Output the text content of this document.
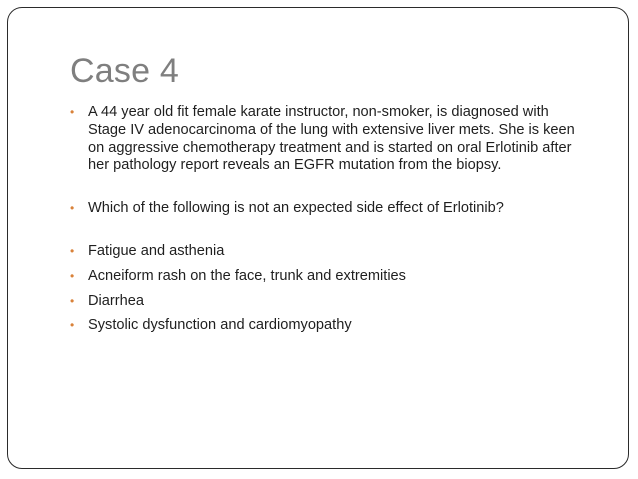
Case 4
• A 44 year old fit female karate instructor, non-smoker, is diagnosed with Stage IV adenocarcinoma of the lung with extensive liver mets. She is keen on aggressive chemotherapy treatment and is started on oral Erlotinib after her pathology report reveals an EGFR mutation from the biopsy.
• Which of the following is not an expected side effect of Erlotinib?
• Fatigue and asthenia
• Acneiform rash on the face, trunk and extremities
• Diarrhea
• Systolic dysfunction and cardiomyopathy
